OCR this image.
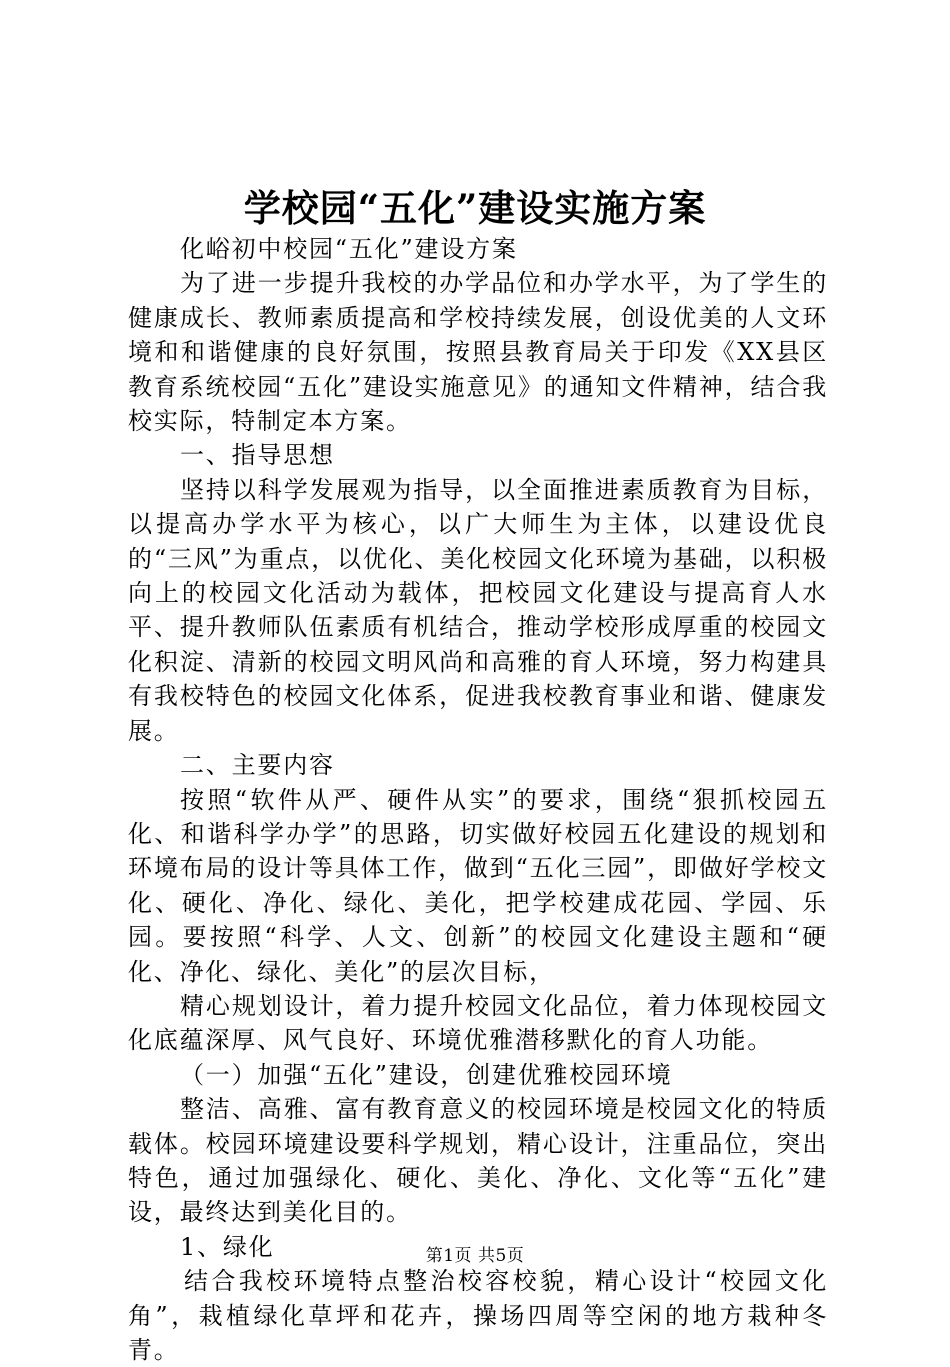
学校园“五化”建设实施方案

化峪初中校园“五化”建设方案

为了进一步提升我校的办学品位和办学水平，为了学生的健康成长、教师素质提高和学校持续发展，创设优美的人文环境和和谐健康的良好氛围，按照县教育局关于印发《XX县区教育系统校园“五化”建设实施意见》的通知文件精神，结合我校实际，特制定本方案。

一、指导思想

坚持以科学发展观为指导，以全面推进素质教育为目标，以提高办学水平为核心，以广大师生为主体，以建设优良的“三风”为重点，以优化、美化校园文化环境为基础，以积极向上的校园文化活动为载体，把校园文化建设与提高育人水平、提升教师队伍素质有机结合，推动学校形成厚重的校园文化积淀、清新的校园文明风尚和高雅的育人环境，努力构建具有我校特色的校园文化体系，促进我校教育事业和谐、健康发展。

二、主要内容

按照“软件从严、硬件从实”的要求，围绕“狠抓校园五化、和谐科学办学”的思路，切实做好校园五化建设的规划和环境布局的设计等具体工作，做到“五化三园”，即做好学校文化、硬化、净化、绿化、美化，把学校建成花园、学园、乐园。要按照“科学、人文、创新”的校园文化建设主题和“硬化、净化、绿化、美化”的层次目标，

精心规划设计，着力提升校园文化品位，着力体现校园文化底蕴深厚、风气良好、环境优雅潜移默化的育人功能。

（一）加强“五化”建设，创建优雅校园环境

整洁、高雅、富有教育意义的校园环境是校园文化的特质载体。校园环境建设要科学规划，精心设计，注重品位，突出特色，通过加强绿化、硬化、美化、净化、文化等“五化”建设，最终达到美化目的。

1、绿化

结合我校环境特点整治校容校貌，精心设计“校园文化角”，栽植绿化草坪和花卉，操场四周等空闲的地方栽种冬青。

第1页 共5页
